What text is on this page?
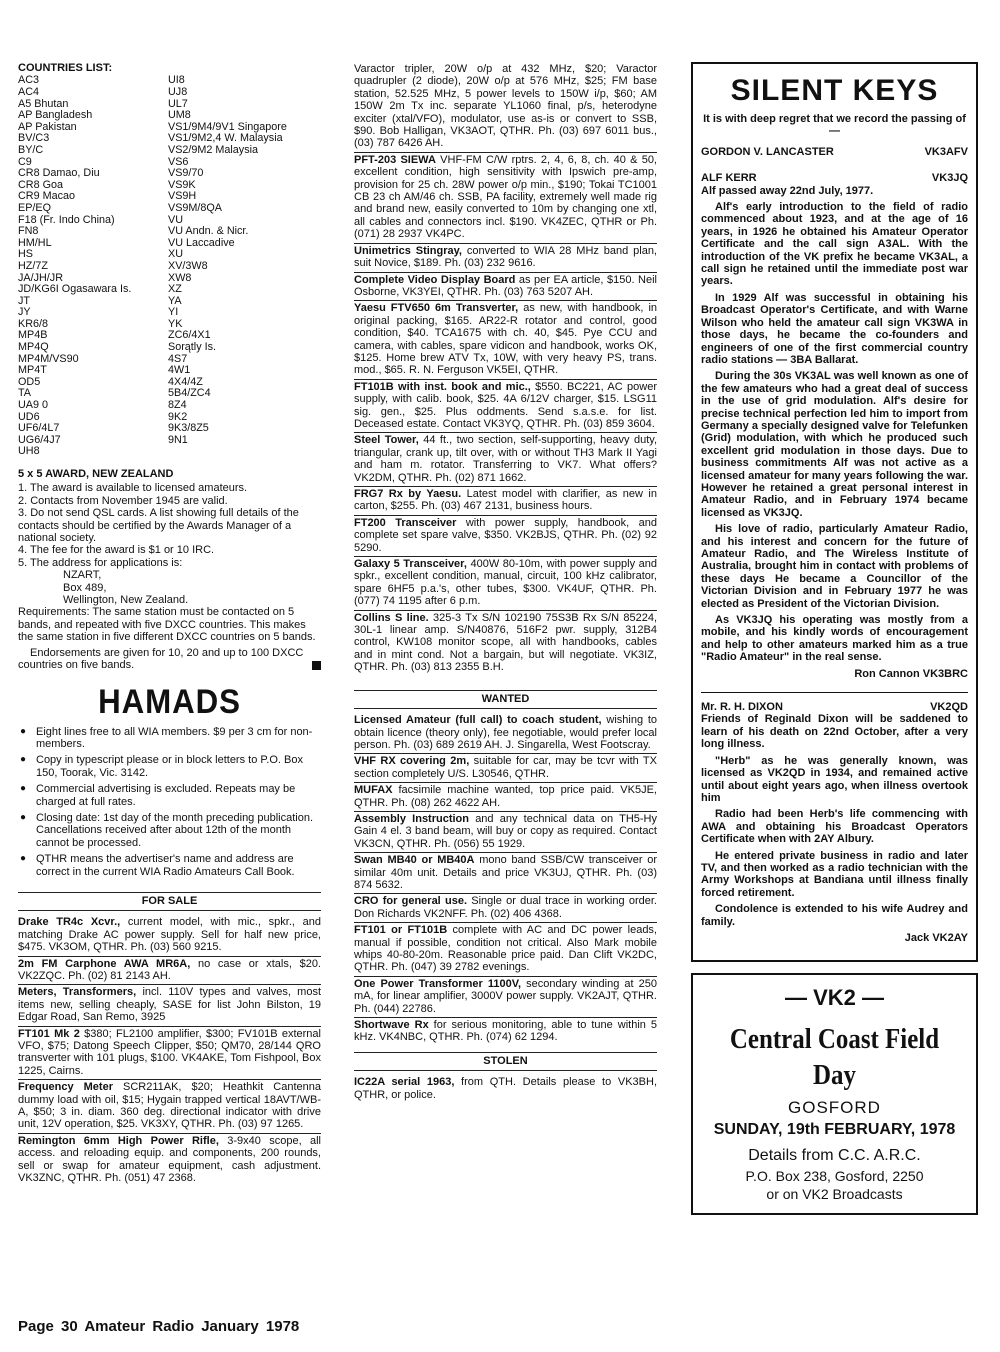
COUNTRIES LIST:
AC3	UI8
AC4	UJ8
A5 Bhutan	UL7
AP Bangladesh	UM8
AP Pakistan	VS1/9M4/9V1 Singapore
BV/C3	VS1/9M2,4 W. Malaysia
BY/C	VS2/9M2 Malaysia
C9	VS6
CR8 Damao, Diu	VS9/70
CR8 Goa	VS9K
CR9 Macao	VS9H
EP/EQ	VS9M/8QA
F18 (Fr. Indo China)	VU
FN8	VU Andn. & Nicr.
HM/HL	VU Laccadive
HS	XU
HZ/7Z	XV/3W8
JA/JH/JR	XW8
JD/KG6I Ogasawara Is.	XZ
JT	YA
JY	YI
KR6/8	YK
MP4B	ZC6/4X1
MP4Q	Sorątly Is.
MP4M/VS90	4S7
MP4T	4W1
OD5	4X4/4Z
TA	5B4/ZC4
UA9 0	8Z4
UD6	9K2
UF6/4L7	9K3/8Z5
UG6/4J7	9N1
UH8
5 x 5 AWARD, NEW ZEALAND

1. The award is available to licensed amateurs.

2. Contacts from November 1945 are valid.

3. Do not send QSL cards. A list showing full details of the contacts should be certified by the Awards Manager of a national society.

4. The fee for the award is $1 or 10 IRC.

5. The address for applications is:

NZART,

Box 489,

Wellington, New Zealand.

Requirements: The same station must be contacted on 5 bands, and repeated with five DXCC countries. This makes the same station in five different DXCC countries on 5 bands.

Endorsements are given for 10, 20 and up to 100 DXCC countries on five bands.

HAMADS
● Eight lines free to all WIA members. $9 per 3 cm for non-members.
● Copy in typescript please or in block letters to P.O. Box 150, Toorak, Vic. 3142.
● Commercial advertising is excluded. Repeats may be charged at full rates.
● Closing date: 1st day of the month preceding publication. Cancellations received after about 12th of the month cannot be processed.
● QTHR means the advertiser's name and address are correct in the current WIA Radio Amateurs Call Book.
FOR SALE
Drake TR4c Xcvr., current model, with mic., spkr., and matching Drake AC power supply. Sell for half new price, $475. VK3OM, QTHR. Ph. (03) 560 9215.
2m FM Carphone AWA MR6A, no case or xtals, $20. VK2ZQC. Ph. (02) 81 2143 AH.
Meters, Transformers, incl. 110V types and valves, most items new, selling cheaply, SASE for list John Bilston, 19 Edgar Road, San Remo, 3925
FT101 Mk 2 $380; FL2100 amplifier, $300; FV101B external VFO, $75; Datong Speech Clipper, $50; QM70, 28/144 QRO transverter with 101 plugs, $100. VK4AKE, Tom Fishpool, Box 1225, Cairns.
Frequency Meter SCR211AK, $20; Heathkit Cantenna dummy load with oil, $15; Hygain trapped vertical 18AVT/WB-A, $50; 3 in. diam. 360 deg. directional indicator with drive unit, 12V operation, $25. VK3XY, QTHR. Ph. (03) 97 1265.
Remington 6mm High Power Rifle, 3-9x40 scope, all access. and reloading equip. and components, 200 rounds, sell or swap for amateur equipment, cash adjustment. VK3ZNC, QTHR. Ph. (051) 47 2368.
Varactor tripler, 20W o/p at 432 MHz, $20; Varactor quadrupler (2 diode), 20W o/p at 576 MHz, $25; FM base station, 52.525 MHz, 5 power levels to 150W i/p, $60; AM 150W 2m Tx inc. separate YL1060 final, p/s, heterodyne exciter (xtal/VFO), modulator, use as-is or convert to SSB, $90. Bob Halligan, VK3AOT, QTHR. Ph. (03) 697 6011 bus., (03) 787 6426 AH.
PFT-203 SIEWA VHF-FM C/W rptrs. 2, 4, 6, 8, ch. 40 & 50, excellent condition, high sensitivity with Ipswich pre-amp, provision for 25 ch. 28W power o/p min., $190; Tokai TC1001 CB 23 ch AM/46 ch. SSB, PA facility, extremely well made rig and brand new, easily converted to 10m by changing one xtl, all cables and connectors incl. $190. VK4ZEC, QTHR or Ph. (071) 28 2937 VK4PC.
Unimetrics Stingray, converted to WIA 28 MHz band plan, suit Novice, $189. Ph. (03) 232 9616.
Complete Video Display Board as per EA article, $150. Neil Osborne, VK3YEI, QTHR. Ph. (03) 763 5207 AH.
Yaesu FTV650 6m Transverter, as new, with handbook, in original packing, $165. AR22-R rotator and control, good condition, $40. TCA1675 with ch. 40, $45. Pye CCU and camera, with cables, spare vidicon and handbook, works OK, $125. Home brew ATV Tx, 10W, with very heavy PS, trans. mod., $65. R. N. Ferguson VK5EI, QTHR.
FT101B with inst. book and mic., $550. BC221, AC power supply, with calib. book, $25. 4A 6/12V charger, $15. LSG11 sig. gen., $25. Plus oddments. Send s.a.s.e. for list. Deceased estate. Contact VK3YQ, QTHR. Ph. (03) 859 3604.
Steel Tower, 44 ft., two section, self-supporting, heavy duty, triangular, crank up, tilt over, with or without TH3 Mark II Yagi and ham m. rotator. Transferring to VK7. What offers? VK2DM, QTHR. Ph. (02) 871 1662.
FRG7 Rx by Yaesu. Latest model with clarifier, as new in carton, $255. Ph. (03) 467 2131, business hours.
FT200 Transceiver with power supply, handbook, and complete set spare valve, $350. VK2BJS, QTHR. Ph. (02) 92 5290.
Galaxy 5 Transceiver, 400W 80-10m, with power supply and spkr., excellent condition, manual, circuit, 100 kHz calibrator, spare 6HF5 p.a.'s, other tubes, $300. VK4UF, QTHR. Ph. (077) 74 1195 after 6 p.m.
Collins S line. 325-3 Tx S/N 102190 75S3B Rx S/N 85224, 30L-1 linear amp. S/N40876, 516F2 pwr. supply, 312B4 control, KW108 monitor scope, all with handbooks, cables and in mint cond. Not a bargain, but will negotiate. VK3IZ, QTHR. Ph. (03) 813 2355 B.H.
WANTED
Licensed Amateur (full call) to coach student, wishing to obtain licence (theory only), fee negotiable, would prefer local person. Ph. (03) 689 2619 AH. J. Singarella, West Footscray.
VHF RX covering 2m, suitable for car, may be tcvr with TX section completely U/S. L30546, QTHR.
MUFAX facsimile machine wanted, top price paid. VK5JE, QTHR. Ph. (08) 262 4622 AH.
Assembly Instruction and any technical data on TH5-Hy Gain 4 el. 3 band beam, will buy or copy as required. Contact VK3CN, QTHR. Ph. (056) 55 1929.
Swan MB40 or MB40A mono band SSB/CW transceiver or similar 40m unit. Details and price VK3UJ, QTHR. Ph. (03) 874 5632.
CRO for general use. Single or dual trace in working order. Don Richards VK2NFF. Ph. (02) 406 4368.
FT101 or FT101B complete with AC and DC power leads, manual if possible, condition not critical. Also Mark mobile whips 40-80-20m. Reasonable price paid. Dan Clift VK2DC, QTHR. Ph. (047) 39 2782 evenings.
One Power Transformer 1100V, secondary winding at 250 mA, for linear amplifier, 3000V power supply. VK2AJT, QTHR. Ph. (044) 22786.
Shortwave Rx for serious monitoring, able to tune within 5 kHz. VK4NBC, QTHR. Ph. (074) 62 1294.
STOLEN
IC22A serial 1963, from QTH. Details please to VK3BH, QTHR, or police.
SILENT KEYS
It is with deep regret that we record the passing of —
GORDON V. LANCASTER	VK3AFV
ALF KERR	VK3JQ

Alf passed away 22nd July, 1977.

Alf's early introduction to the field of radio commenced about 1923, and at the age of 16 years, in 1926 he obtained his Amateur Operator Certificate and the call sign A3AL. With the introduction of the VK prefix he became VK3AL, a call sign he retained until the immediate post war years.

In 1929 Alf was successful in obtaining his Broadcast Operator's Certificate, and with Warne Wilson who held the amateur call sign VK3WA in those days, he became the co-founders and engineers of one of the first commercial country radio stations — 3BA Ballarat.

During the 30s VK3AL was well known as one of the few amateurs who had a great deal of success in the use of grid modulation. Alf's desire for precise technical perfection led him to import from Germany a specially designed valve for Telefunken (Grid) modulation, with which he produced such excellent grid modulation in those days. Due to business commitments Alf was not active as a licensed amateur for many years following the war. However he retained a great personal interest in Amateur Radio, and in February 1974 became licensed as VK3JQ.

His love of radio, particularly Amateur Radio, and his interest and concern for the future of Amateur Radio, and The Wireless Institute of Australia, brought him in contact with problems of these days He became a Councillor of the Victorian Division and in February 1977 he was elected as President of the Victorian Division.

As VK3JQ his operating was mostly from a mobile, and his kindly words of encouragement and help to other amateurs marked him as a true "Radio Amateur" in the real sense.

Ron Cannon VK3BRC
Mr. R. H. DIXON	VK2QD

Friends of Reginald Dixon will be saddened to learn of his death on 22nd October, after a very long illness.

"Herb" as he was generally known, was licensed as VK2QD in 1934, and remained active until about eight years ago, when illness overtook him

Radio had been Herb's life commencing with AWA and obtaining his Broadcast Operators Certificate when with 2AY Albury.

He entered private business in radio and later TV, and then worked as a radio technician with the Army Workshops at Bandiana until illness finally forced retirement.

Condolence is extended to his wife Audrey and family.

Jack VK2AY
— VK2 —
Central Coast Field Day
GOSFORD
SUNDAY, 19th FEBRUARY, 1978
Details from C.C. A.R.C.
P.O. Box 238, Gosford, 2250
or on VK2 Broadcasts
Page 30 Amateur Radio January 1978
